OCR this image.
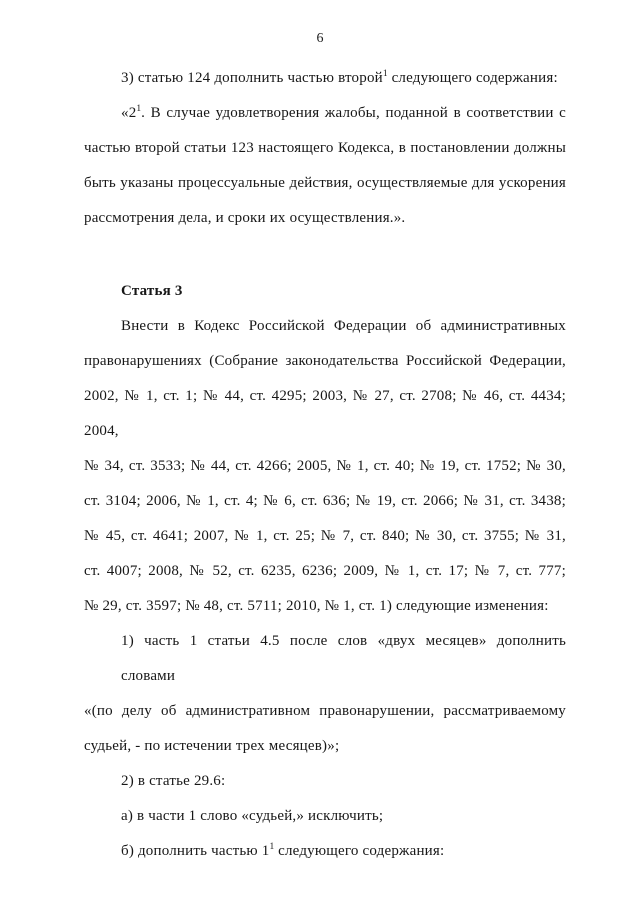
6
3) статью 124 дополнить частью второй$^1$ следующего содержания:
«2$^1$. В случае удовлетворения жалобы, поданной в соответствии с
частью второй статьи 123 настоящего Кодекса, в постановлении должны
быть указаны процессуальные действия, осуществляемые для ускорения
рассмотрения дела, и сроки их осуществления.».
Статья 3
Внести в Кодекс Российской Федерации об административных
правонарушениях (Собрание законодательства Российской Федерации,
2002, № 1, ст. 1; № 44, ст. 4295; 2003, № 27, ст. 2708; № 46, ст. 4434; 2004,
№ 34, ст. 3533; № 44, ст. 4266; 2005, № 1, ст. 40; № 19, ст. 1752; № 30,
ст. 3104; 2006, № 1, ст. 4; № 6, ст. 636; № 19, ст. 2066; № 31, ст. 3438;
№ 45, ст. 4641; 2007, № 1, ст. 25; № 7, ст. 840; № 30, ст. 3755; № 31,
ст. 4007; 2008, № 52, ст. 6235, 6236; 2009, № 1, ст. 17; № 7, ст. 777;
№ 29, ст. 3597; № 48, ст. 5711; 2010, № 1, ст. 1) следующие изменения:
1) часть 1 статьи 4.5 после слов «двух месяцев» дополнить словами
«(по делу об административном правонарушении, рассматриваемому
судьей, - по истечении трех месяцев)»;
2) в статье 29.6:
а) в части 1 слово «судьей,» исключить;
б) дополнить частью 1$^1$ следующего содержания:
